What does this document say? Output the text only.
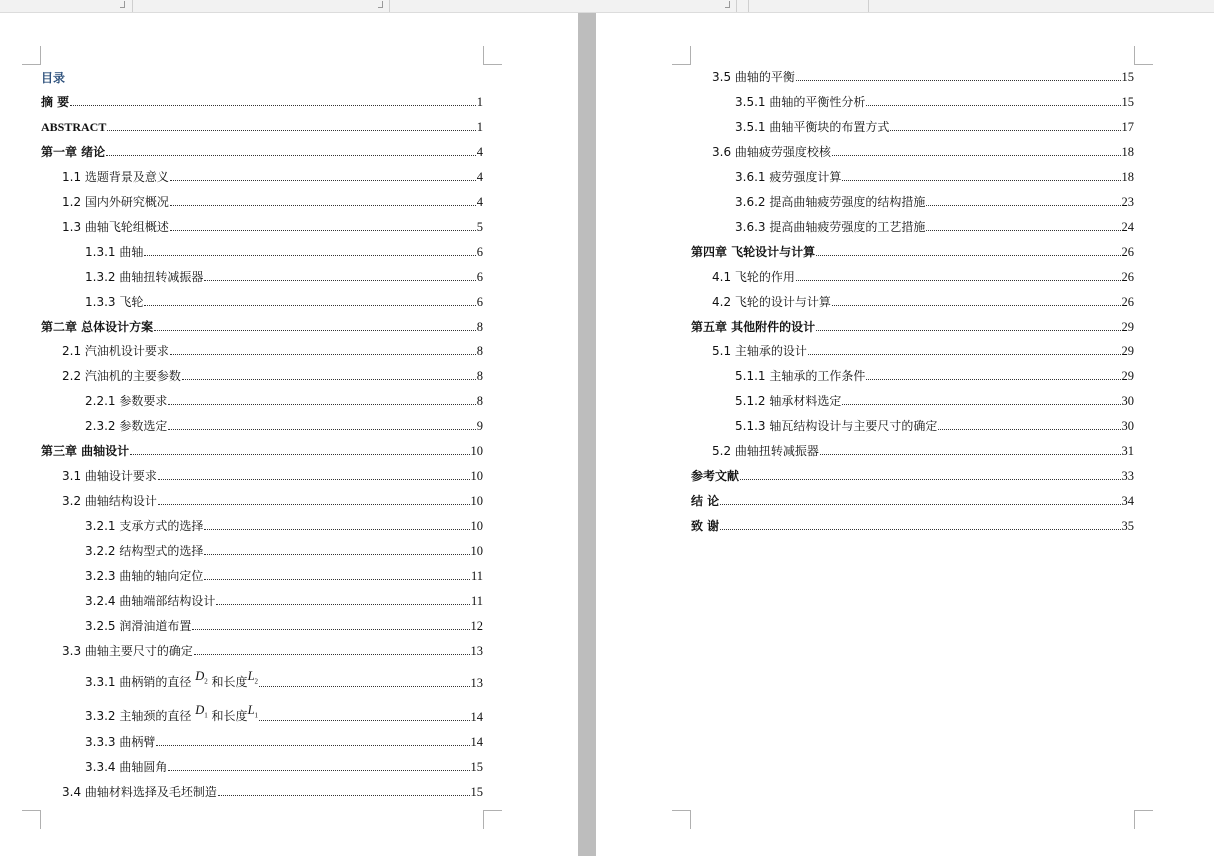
目录
摘 要	1
ABSTRACT	1
第一章 绪论	4
1.1 选题背景及意义	4
1.2 国内外研究概况	4
1.3 曲轴飞轮组概述	5
1.3.1 曲轴	6
1.3.2 曲轴扭转减振器	6
1.3.3 飞轮	6
第二章 总体设计方案	8
2.1 汽油机设计要求	8
2.2 汽油机的主要参数	8
2.2.1 参数要求	8
2.3.2 参数选定	9
第三章 曲轴设计	10
3.1 曲轴设计要求	10
3.2 曲轴结构设计	10
3.2.1 支承方式的选择	10
3.2.2 结构型式的选择	10
3.2.3 曲轴的轴向定位	11
3.2.4 曲轴端部结构设计	11
3.2.5 润滑油道布置	12
3.3 曲轴主要尺寸的确定	13
3.3.1 曲柄销的直径 $D_2$ 和长度$L_2$	13
3.3.2 主轴颈的直径 $D_1$ 和长度$L_1$	14
3.3.3 曲柄臂	14
3.3.4 曲轴圆角	15
3.4 曲轴材料选择及毛坯制造	15
3.5 曲轴的平衡	15
3.5.1 曲轴的平衡性分析	15
3.5.1 曲轴平衡块的布置方式	17
3.6 曲轴疲劳强度校核	18
3.6.1 疲劳强度计算	18
3.6.2 提高曲轴疲劳强度的结构措施	23
3.6.3 提高曲轴疲劳强度的工艺措施	24
第四章 飞轮设计与计算	26
4.1 飞轮的作用	26
4.2 飞轮的设计与计算	26
第五章 其他附件的设计	29
5.1 主轴承的设计	29
5.1.1 主轴承的工作条件	29
5.1.2 轴承材料选定	30
5.1.3 轴瓦结构设计与主要尺寸的确定	30
5.2 曲轴扭转减振器	31
参考文献	33
结 论	34
致 谢	35
